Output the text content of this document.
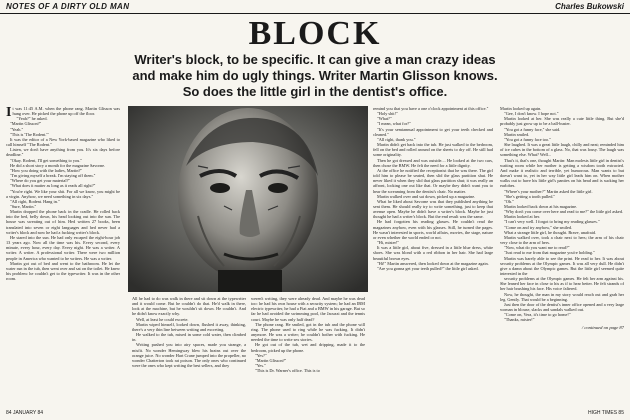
NOTES OF A DIRTY OLD MAN	Charles Bukowski
BLOCK
Writer's block, to be specific. It can give a man crazy ideas
and make him do ugly things. Writer Martin Glisson knows.
So does the little girl in the dentist's office.

It was 11:45 A.M. when the phone rang. Martin Glisson was hung over. He picked the phone up off the floor.

"Yeah?" he asked.

"Martin Glisson?"

"Yeah."

"This is 'The Rodent.'"

It was the editor of a New York-based magazine who liked to call himself "The Rodent."

Listen, we don't have anything from you. It's six days before deadline."

"Okay. Rodent, I'll get something to you."

He did a short story a month for the magazine Savorne.

"How you doing with the ladies, Martin?"

"I'm giving myself a break. I'm staying off them."

"Where do you get your material?"

"What does it matter as long as it reads all right?"

"You're right. We like your shit. For all we know, you might be a virgin. Anyhow, we need something in six days."

"All right, Rodent. Hang in."

"Sure, Martin."

Martin dropped the phone back in the cradle. He rolled back into the bed, belly down, his head looking out into the sun. The house was sweating out of him. Hed written 27 books, been translated into seven or eight languages and hed never had a writer's block and now he had a fucking writer's block.

He stared into the sun. He had only escaped the eight-hour job 13 years ago. Now all the time was his. Every second, every minute, every hour, every day. Every night. He was a writer. A writer. A writer. A professional writer. There were two million people in America who wanted to be writers. He was a writer.

Martin got out of bed and went to the bathroom. He let the water run in the tub, then went over and sat on the toilet. He knew his problem: he couldn't get to the typewriter. It was in the other room.

All he had to do was walk in there and sit down at the typewriter and it would come. But he couldn't do that. He'd walk in there, look at the machine, but he wouldn't sit down. He couldn't. And he didn't know exactly why.

Well, at least he could excrete.

Martin wiped himself, looked down, flushed it away, thinking, there's a very thin line between writing and excreting.

He walked to the tub, mixed in some cold water, then climbed in.

Writing pushed you into airy spaces, made you strange, a misfit. No wonder Hemingway blew his brains out over the orange juice. No wonder Hart Crane jumped into the propeller, no wonder Chatterton took rat poison. The only ones who continued were the ones who kept writing the best sellers, and they

weren't writing, they were already dead. And maybe he was dead too: he had his own house with a security system; he had an IBM electric typewriter, he had a Fiat and a BMW in his garage. But so far he had avoided the swimming pool, the Jacuzzi and the tennis court. Maybe he was only half dead?

The phone rang. He smiled, got in the tub and the phone will ring. The phone used to ring while he was fucking. It didn't anymore. He was a writer; he couldn't bother with fucking. He needed the time to write sex stories.

He got out of the tub, wet and dripping, made it to the bedroom, picked up the phone.

"Yes?"

"Martin Glisson?"

"Yes."

"This is Dr. Warner's office. This is to

remind you that you have a one o'clock appointment at this office."

"Holy shit!"

"What?"

"I mean, what for?"

"It's your semiannual appointment to get your teeth checked and cleaned."

"All right, thank you."

Martin didn't get back into the tub. He just walked to the bedroom, fell on the bed and rolled around on the sheets to dry off. He still had some originality.

Then he got dressed and was outside.... He looked at the two cars, then chose the BMW. He felt the need for a little dignity.

At the office he notified the receptionist that he was there. The girl told him to please be seated, then slid the glass partition shut. He never liked it when they slid that glass partition shut; it was really an affront, locking one out like that. Or maybe they didn't want you to hear the screaming from the dentist's chair. No matter.

Martin walked over and sat down, picked up a magazine.

What he liked about Savorne was that they published anything he sent them. He should really try to write something, just to keep that avenue open. Maybe he didn't have a writer's block. Maybe he just thought he had a writer's block. But the end result was the same.

He had forgotten his reading glasses. He couldn't read the magazines anyhow, even with his glasses. Still, he turned the pages. He wasn't interested in sports, world affairs, movies, the stage, nature or even whether the world ended or not.

"Hi, mister!"

It was a little girl, about five, dressed in a little blue dress, white shoes. She was blond with a red ribbon in her hair. She had large beautiful brown eyes.

"Hi!" Martin answered, then looked down at the magazine again.

"Are you gonna get your teeth pulled?" the little girl asked.

Martin looked up again.

"Gee, I don't know. I hope not."

Martin looked at her. She was really a cute little thing. But she'd probably just grow up to be a ball-buster.

"You got a funny face," she said.

Martin smiled.

"You got a funny face too."

She laughed. It was a great little laugh, chilly and neat; reminded him of ice cubes in the bottom of a glass. No, that was lousy. The laugh was something else. What? Well...

That's it, that's one, thought Martin: Man molests little girl in dentist's waiting room while her mother is getting a wisdom tooth extracted. And make it realistic and terrible, yet humorous. Man wants to but doesn't want to, yet in her way little girl leads him on. When mother walks out to have his little girl's panties on his head and is sucking her earlobes.

"Where's your mother?" Martin asked the little girl.

"She's getting a tooth pulled."

"Oh."

Martin looked back down at his magazine.

"Why don't you come over here and read to me?" the little girl asked.

Martin looked at her.

"I can't very well. I forgot to bring my reading glasses."

"Come on and try anyhow," she smiled.

What a strange little girl, he thought. Brave, unafraid.

Martin walked over, took a chair next to hers; the arm of his chair very close to the arm of hers.

"Now, what do you want me to read?"

"Just read to me from that magazine you're holding."

Martin was barely able to see the print. He read to her. It was about security problems at the Olympic games. It was all very dull. He didn't give a damn about the Olympic games. But the little girl seemed quite interested in the

security problems at the Olympic games. He felt her arm against his. She leaned her face in close to his as if to hear better. He felt strands of her hair brushing his face. His voice faltered.

Now, he thought, the man in my story would reach out and grab her leg. Gently. That would be a beginning.

Just then the door of the dentist's inner office opened and a very large woman in blouse, slacks and sandals walked out.

"Come on, Vera, it's time to go home!"

"Thanks, mister!"

/ continued on page 87
84 JANUARY 84	HIGH TIMES 85
